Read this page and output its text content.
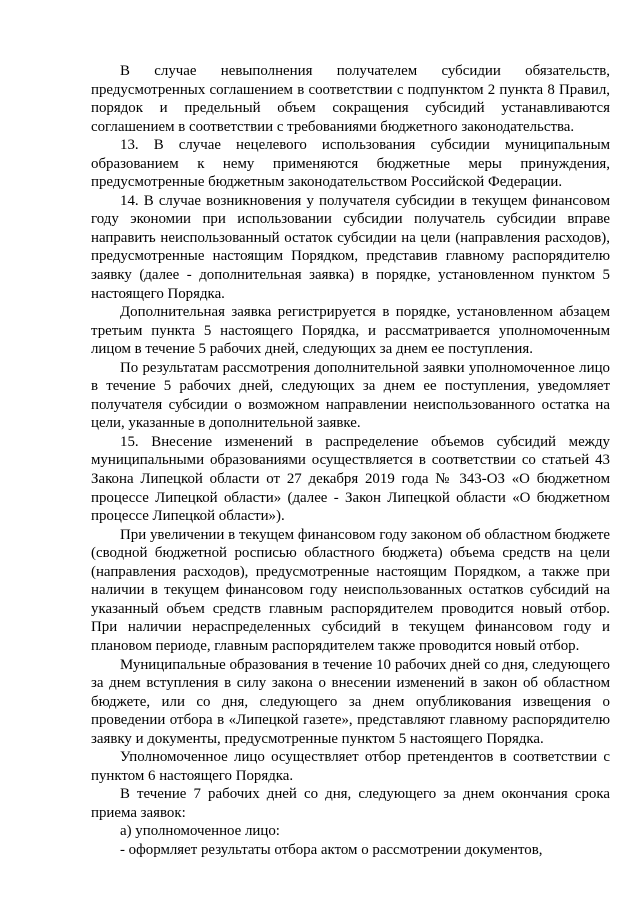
В случае невыполнения получателем субсидии обязательств, предусмотренных соглашением в соответствии с подпунктом 2 пункта 8 Правил, порядок и предельный объем сокращения субсидий устанавливаются соглашением в соответствии с требованиями бюджетного законодательства.

13. В случае нецелевого использования субсидии муниципальным образованием к нему применяются бюджетные меры принуждения, предусмотренные бюджетным законодательством Российской Федерации.

14. В случае возникновения у получателя субсидии в текущем финансовом году экономии при использовании субсидии получатель субсидии вправе направить неиспользованный остаток субсидии на цели (направления расходов), предусмотренные настоящим Порядком, представив главному распорядителю заявку (далее - дополнительная заявка) в порядке, установленном пунктом 5 настоящего Порядка.

Дополнительная заявка регистрируется в порядке, установленном абзацем третьим пункта 5 настоящего Порядка, и рассматривается уполномоченным лицом в течение 5 рабочих дней, следующих за днем ее поступления.

По результатам рассмотрения дополнительной заявки уполномоченное лицо в течение 5 рабочих дней, следующих за днем ее поступления, уведомляет получателя субсидии о возможном направлении неиспользованного остатка на цели, указанные в дополнительной заявке.

15. Внесение изменений в распределение объемов субсидий между муниципальными образованиями осуществляется в соответствии со статьей 43 Закона Липецкой области от 27 декабря 2019 года № 343-ОЗ «О бюджетном процессе Липецкой области» (далее - Закон Липецкой области «О бюджетном процессе Липецкой области»).

При увеличении в текущем финансовом году законом об областном бюджете (сводной бюджетной росписью областного бюджета) объема средств на цели (направления расходов), предусмотренные настоящим Порядком, а также при наличии в текущем финансовом году неиспользованных остатков субсидий на указанный объем средств главным распорядителем проводится новый отбор. При наличии нераспределенных субсидий в текущем финансовом году и плановом периоде, главным распорядителем также проводится новый отбор.

Муниципальные образования в течение 10 рабочих дней со дня, следующего за днем вступления в силу закона о внесении изменений в закон об областном бюджете, или со дня, следующего за днем опубликования извещения о проведении отбора в «Липецкой газете», представляют главному распорядителю заявку и документы, предусмотренные пунктом 5 настоящего Порядка.

Уполномоченное лицо осуществляет отбор претендентов в соответствии с пунктом 6 настоящего Порядка.

В течение 7 рабочих дней со дня, следующего за днем окончания срока приема заявок:

а) уполномоченное лицо:

- оформляет результаты отбора актом о рассмотрении документов,
